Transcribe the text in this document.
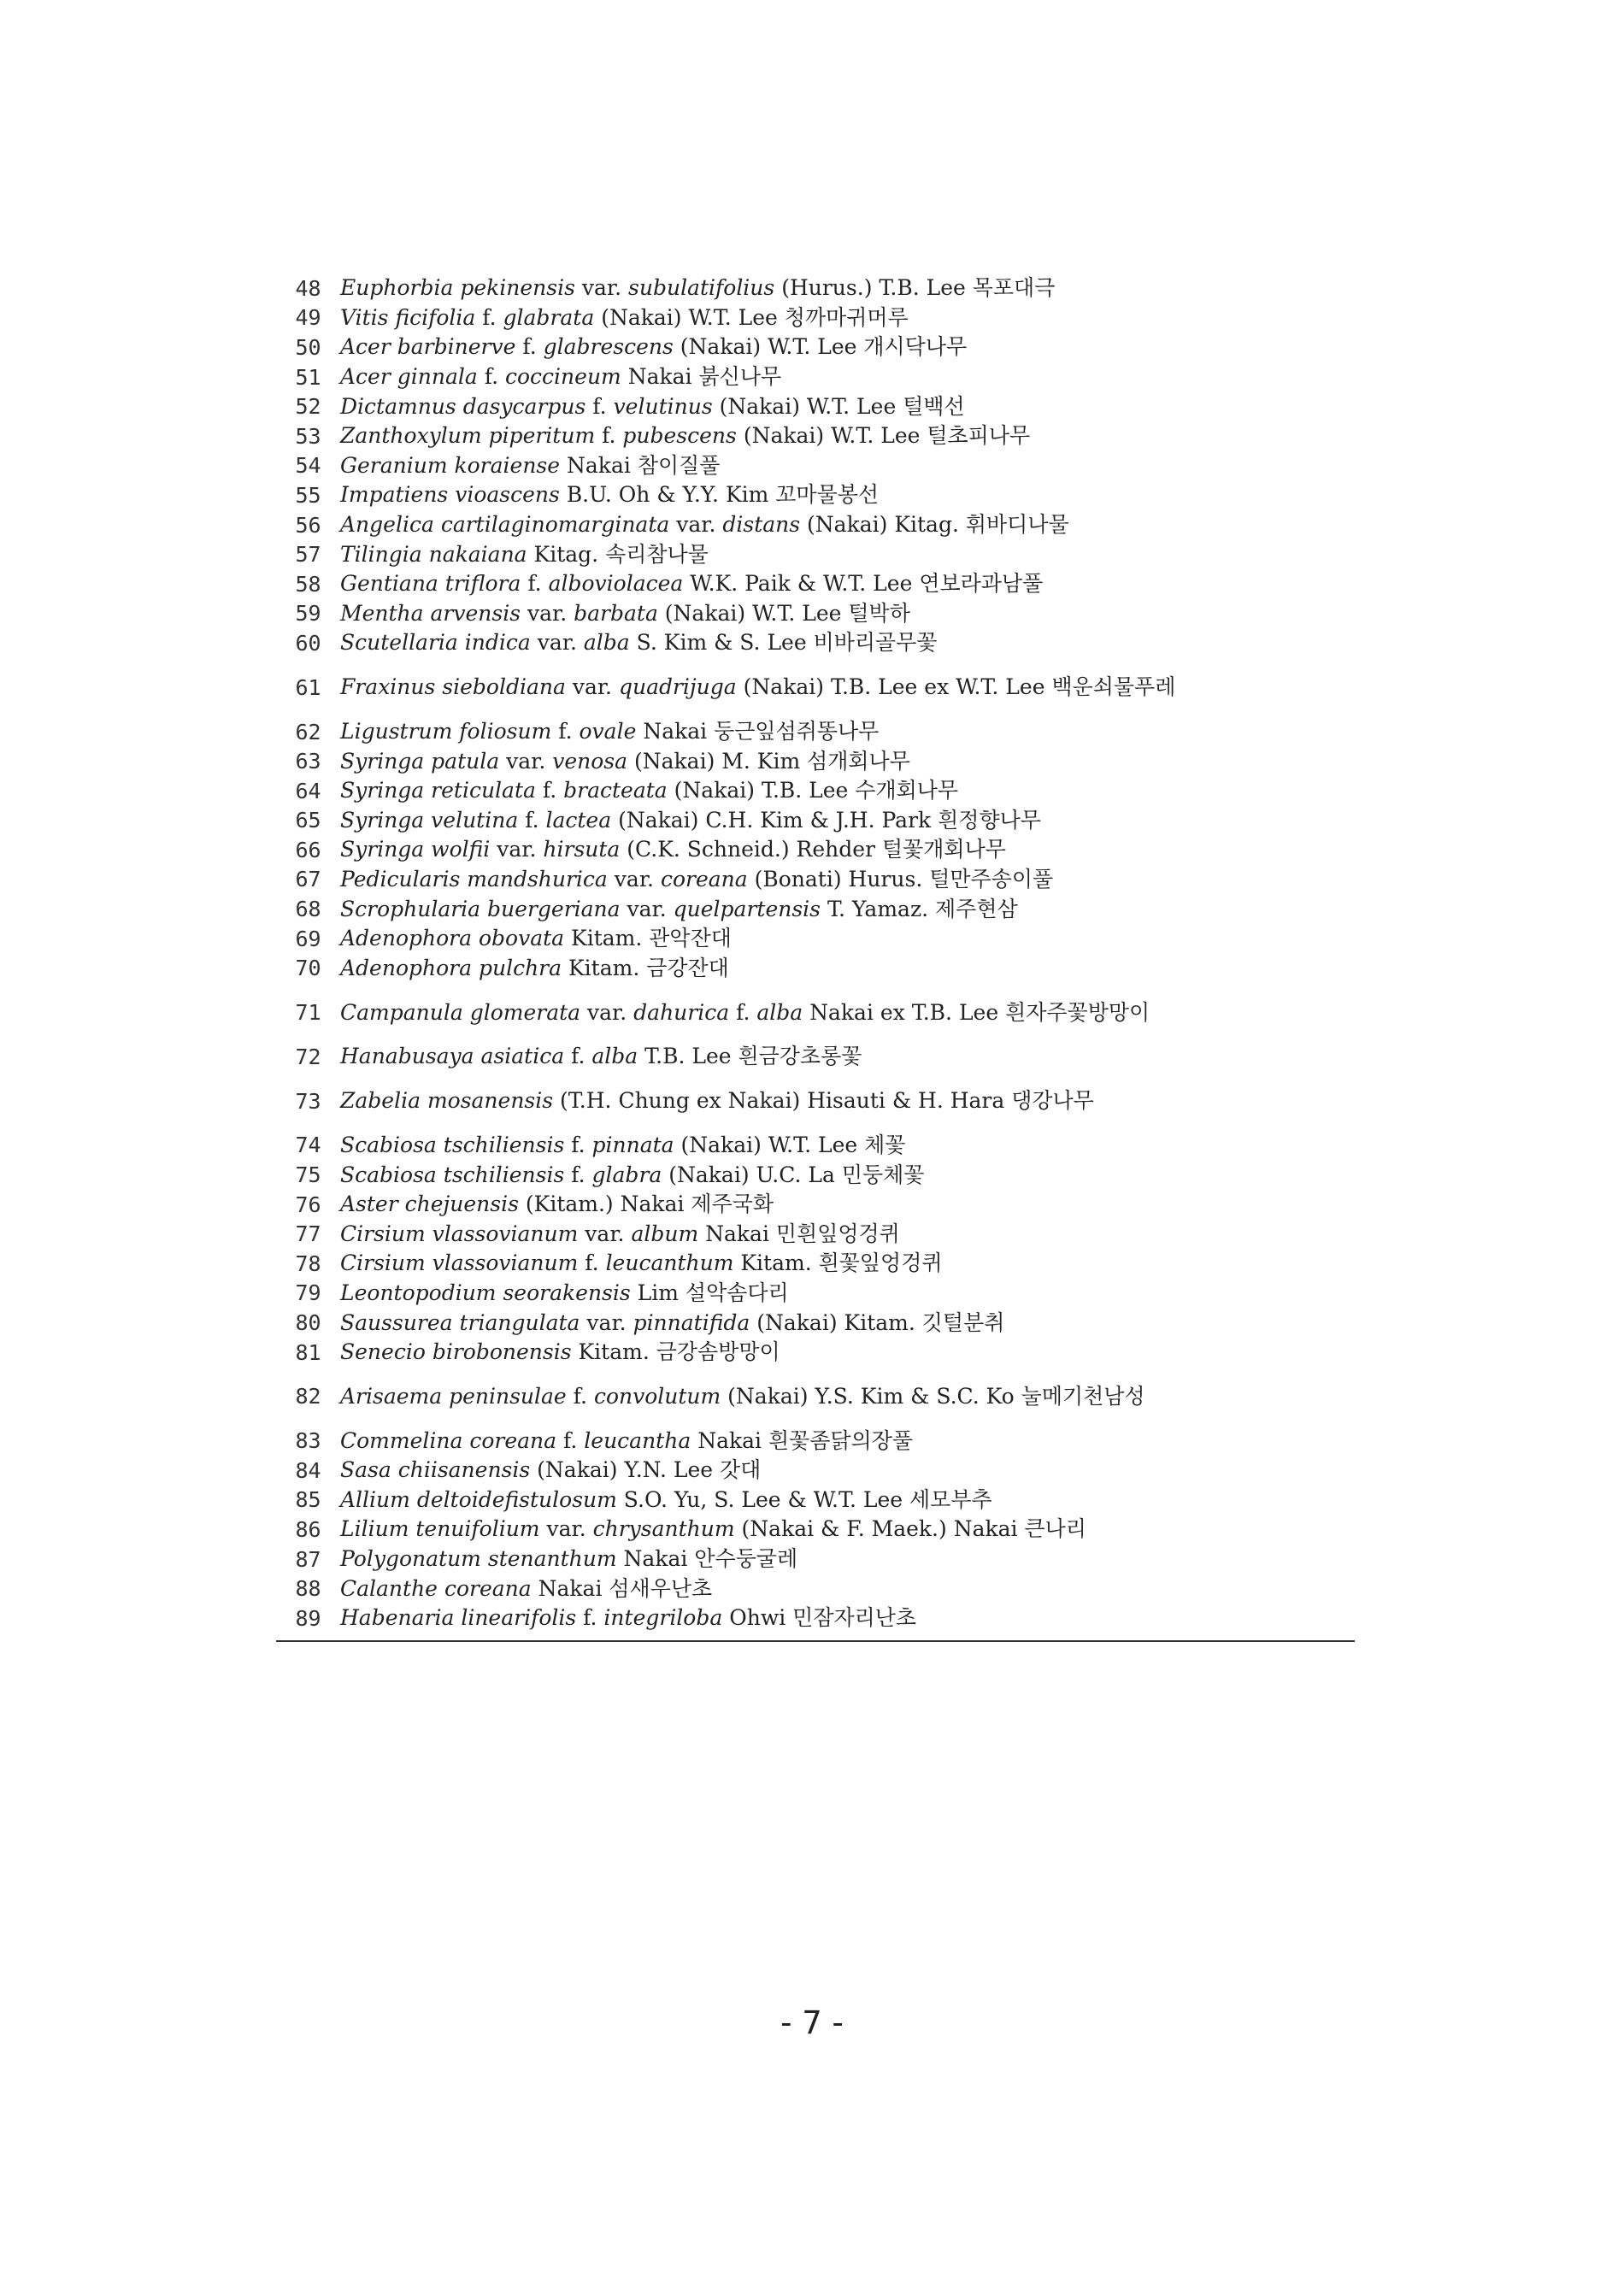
48 Euphorbia pekinensis var. subulatifolius (Hurus.) T.B. Lee 목포대극
49 Vitis ficifolia f. glabrata (Nakai) W.T. Lee 청까마귀머루
50 Acer barbinerve f. glabrescens (Nakai) W.T. Lee 개시닥나무
51 Acer ginnala f. coccineum Nakai 붉신나무
52 Dictamnus dasycarpus f. velutinus (Nakai) W.T. Lee 털백선
53 Zanthoxylum piperitum f. pubescens (Nakai) W.T. Lee 털초피나무
54 Geranium koraiense Nakai 참이질풀
55 Impatiens vioascens B.U. Oh & Y.Y. Kim 꼬마물봉선
56 Angelica cartilaginomarginata var. distans (Nakai) Kitag. 휘바디나물
57 Tilingia nakaiana Kitag. 속리참나물
58 Gentiana triflora f. alboviolacea W.K. Paik & W.T. Lee 연보라과남풀
59 Mentha arvensis var. barbata (Nakai) W.T. Lee 털박하
60 Scutellaria indica var. alba S. Kim & S. Lee 비바리골무꽃
61 Fraxinus sieboldiana var. quadrijuga (Nakai) T.B. Lee ex W.T. Lee 백운쇠물푸레
62 Ligustrum foliosum f. ovale Nakai 둥근잎섬쥐똥나무
63 Syringa patula var. venosa (Nakai) M. Kim 섬개회나무
64 Syringa reticulata f. bracteata (Nakai) T.B. Lee 수개회나무
65 Syringa velutina f. lactea (Nakai) C.H. Kim & J.H. Park 흰정향나무
66 Syringa wolfii var. hirsuta (C.K. Schneid.) Rehder 털꽃개회나무
67 Pedicularis mandshurica var. coreana (Bonati) Hurus. 털만주송이풀
68 Scrophularia buergeriana var. quelpartensis T. Yamaz. 제주현삼
69 Adenophora obovata Kitam. 관악잔대
70 Adenophora pulchra Kitam. 금강잔대
71 Campanula glomerata var. dahurica f. alba Nakai ex T.B. Lee 흰자주꽃방망이
72 Hanabusaya asiatica f. alba T.B. Lee 흰금강초롱꽃
73 Zabelia mosanensis (T.H. Chung ex Nakai) Hisauti & H. Hara 댕강나무
74 Scabiosa tschiliensis f. pinnata (Nakai) W.T. Lee 체꽃
75 Scabiosa tschiliensis f. glabra (Nakai) U.C. La 민둥체꽃
76 Aster chejuensis (Kitam.) Nakai 제주국화
77 Cirsium vlassovianum var. album Nakai 민흰잎엉겅퀴
78 Cirsium vlassovianum f. leucanthum Kitam. 흰꽃잎엉겅퀴
79 Leontopodium seorakensis Lim 설악솜다리
80 Saussurea triangulata var. pinnatifida (Nakai) Kitam. 깃털분취
81 Senecio birobonensis Kitam. 금강솜방망이
82 Arisaema peninsulae f. convolutum (Nakai) Y.S. Kim & S.C. Ko 눌메기천남성
83 Commelina coreana f. leucantha Nakai 흰꽃좀닭의장풀
84 Sasa chiisanensis (Nakai) Y.N. Lee 갓대
85 Allium deltoidefistulosum S.O. Yu, S. Lee & W.T. Lee 세모부추
86 Lilium tenuifolium var. chrysanthum (Nakai & F. Maek.) Nakai 큰나리
87 Polygonatum stenanthum Nakai 안수둥굴레
88 Calanthe coreana Nakai 섬새우난초
89 Habenaria linearifolis f. integriloba Ohwi 민잠자리난초
- 7 -
